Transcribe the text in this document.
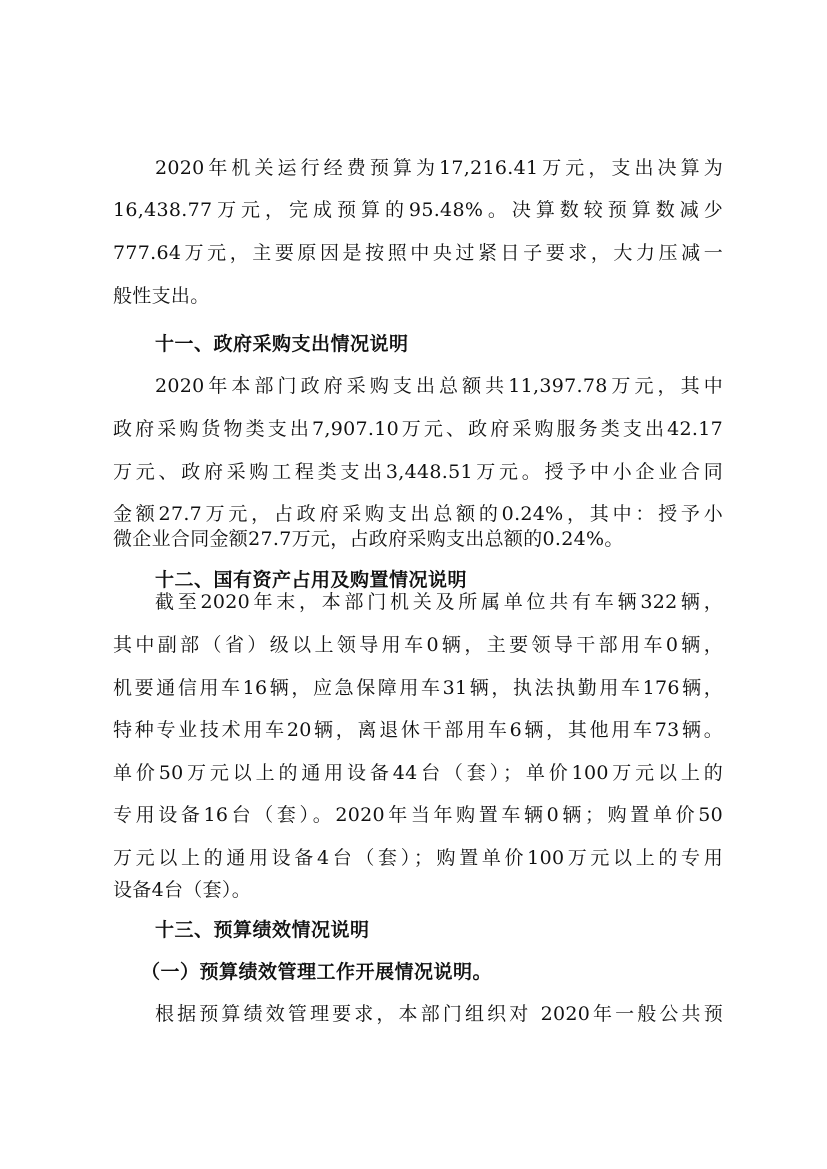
2020年机关运行经费预算为17,216.41万元，支出决算为
16,438.77万元，完成预算的95.48%。决算数较预算数减少
777.64万元，主要原因是按照中央过紧日子要求，大力压减一
般性支出。
十一、政府采购支出情况说明
2020年本部门政府采购支出总额共11,397.78万元，其中
政府采购货物类支出7,907.10万元、政府采购服务类支出42.17
万元、政府采购工程类支出3,448.51万元。授予中小企业合同
金额27.7万元，占政府采购支出总额的0.24%，其中：授予小
微企业合同金额27.7万元，占政府采购支出总额的0.24%。
十二、国有资产占用及购置情况说明
截至2020年末，本部门机关及所属单位共有车辆322辆，
其中副部（省）级以上领导用车0辆，主要领导干部用车0辆，
机要通信用车16辆，应急保障用车31辆，执法执勤用车176辆，
特种专业技术用车20辆，离退休干部用车6辆，其他用车73辆。
单价50万元以上的通用设备44台（套）；单价100万元以上的
专用设备16台（套）。2020年当年购置车辆0辆；购置单价50
万元以上的通用设备4台（套）；购置单价100万元以上的专用
设备4台（套）。
十三、预算绩效情况说明
（一）预算绩效管理工作开展情况说明。
根据预算绩效管理要求，本部门组织对 2020年一般公共预
